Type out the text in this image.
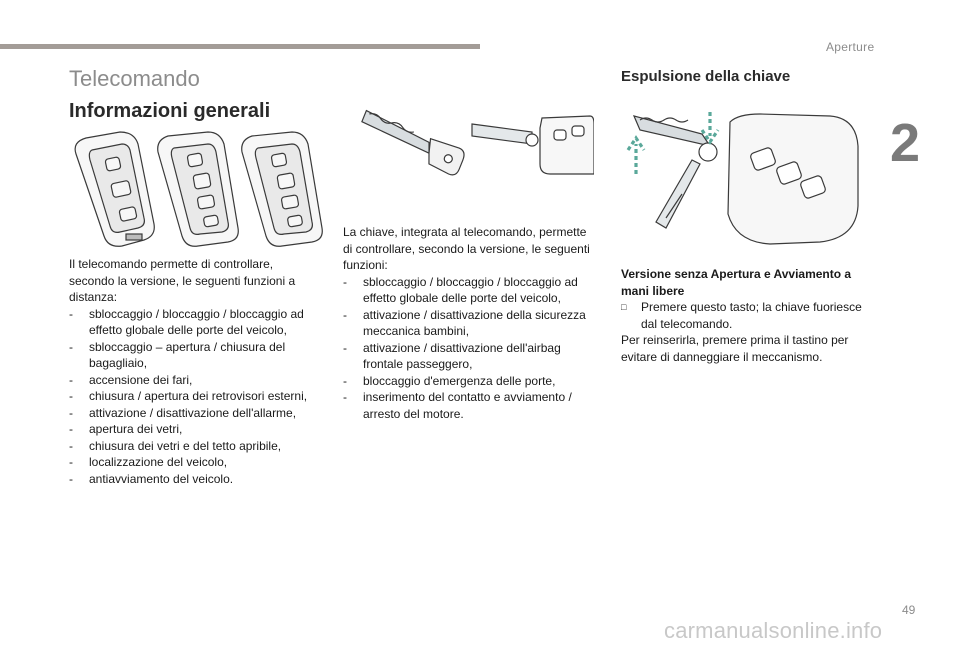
Aperture
2
Telecomando
Informazioni generali

Il telecomando permette di controllare, secondo la versione, le seguenti funzioni a distanza:

- sbloccaggio / bloccaggio / bloccaggio ad effetto globale delle porte del veicolo,
- sbloccaggio – apertura / chiusura del bagagliaio,
- accensione dei fari,
- chiusura / apertura dei retrovisori esterni,
- attivazione / disattivazione dell'allarme,
- apertura dei vetri,
- chiusura dei vetri e del tetto apribile,
- localizzazione del veicolo,
- antiavviamento del veicolo.

La chiave, integrata al telecomando, permette di controllare, secondo la versione, le seguenti funzioni:

- sbloccaggio / bloccaggio / bloccaggio ad effetto globale delle porte del veicolo,
- attivazione / disattivazione della sicurezza meccanica bambini,
- attivazione / disattivazione dell'airbag frontale passeggero,
- bloccaggio d'emergenza delle porte,
- inserimento del contatto e avviamento / arresto del motore.
Espulsione della chiave

Versione senza Apertura e Avviamento a mani libere

□ Premere questo tasto; la chiave fuoriesce dal telecomando.

Per reinserirla, premere prima il tastino per evitare di danneggiare il meccanismo.

49
carmanualsonline.info
